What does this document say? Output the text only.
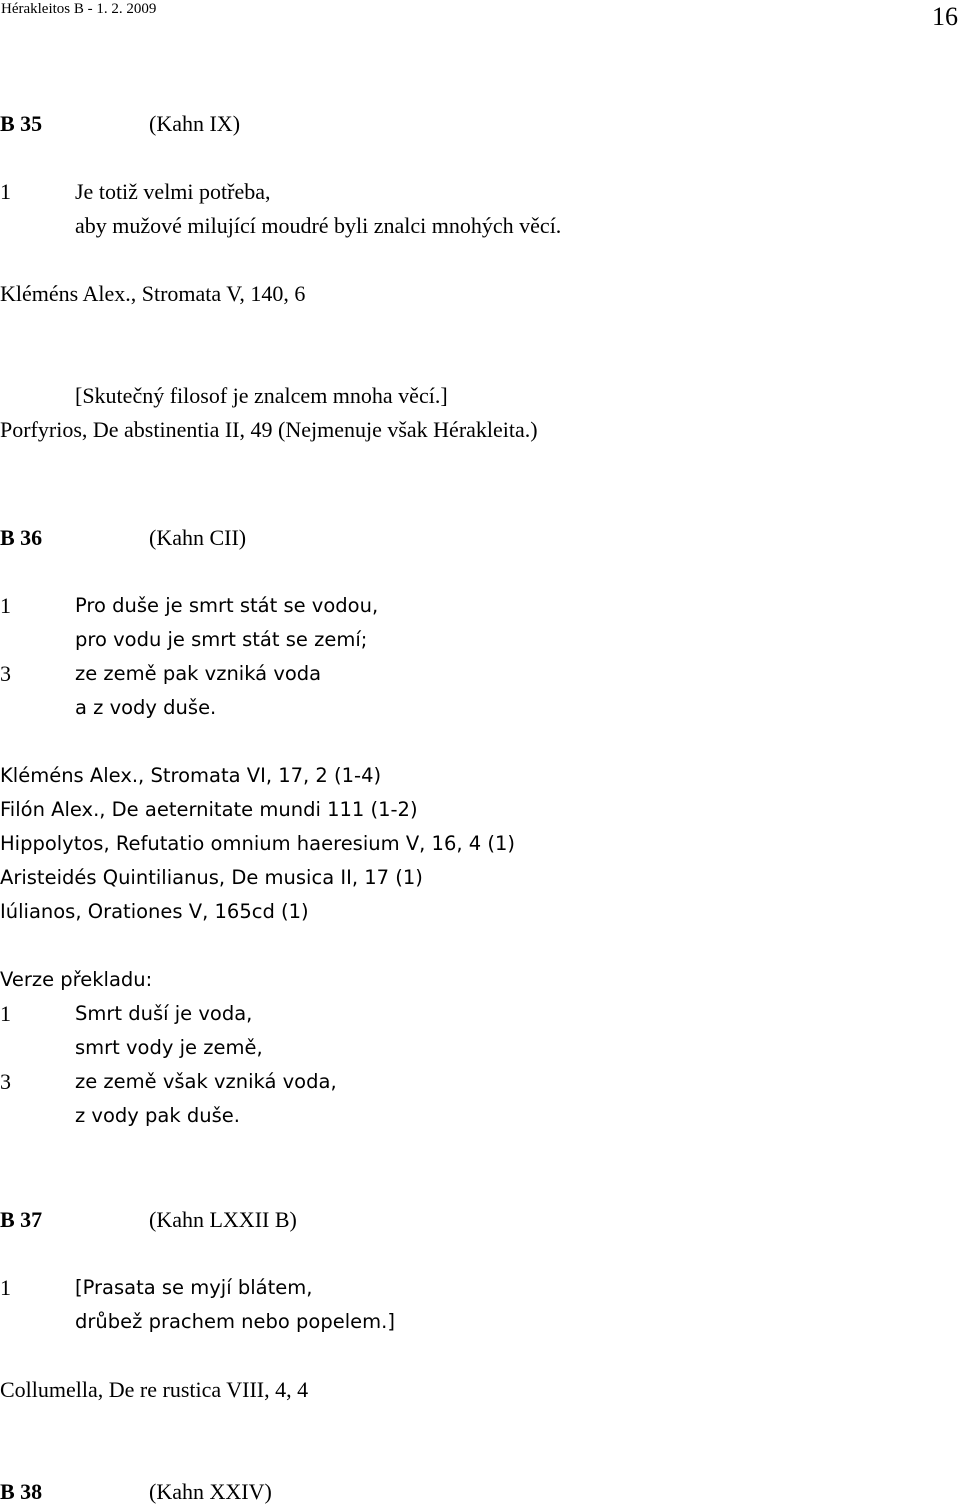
Hérakleitos B - 1. 2. 2009	16
B 35	(Kahn IX)
1	Je totiž velmi potřeba,
aby mužové milující moudré byli znalci mnohých věcí.
Kléméns Alex., Stromata V, 140, 6
[Skutečný filosof je znalcem mnoha věcí.]
Porfyrios, De abstinentia II, 49 (Nejmenuje však Hérakleita.)
B 36	(Kahn CII)
1	Pro duše je smrt stát se vodou,
pro vodu je smrt stát se zemí;
3	ze země pak vzniká voda
a z vody duše.
Kléméns Alex., Stromata VI, 17, 2 (1-4)
Filón Alex., De aeternitate mundi 111 (1-2)
Hippolytos, Refutatio omnium haeresium V, 16, 4 (1)
Aristeidés Quintilianus, De musica II, 17 (1)
Iúlianos, Orationes V, 165cd (1)
Verze překladu:
1	Smrt duší je voda,
smrt vody je země,
3	ze země však vzniká voda,
z vody pak duše.
B 37	(Kahn LXXII B)
1	[Prasata se myjí blátem,
drůbež prachem nebo popelem.]
Collumella, De re rustica VIII, 4, 4
B 38	(Kahn XXIV)
